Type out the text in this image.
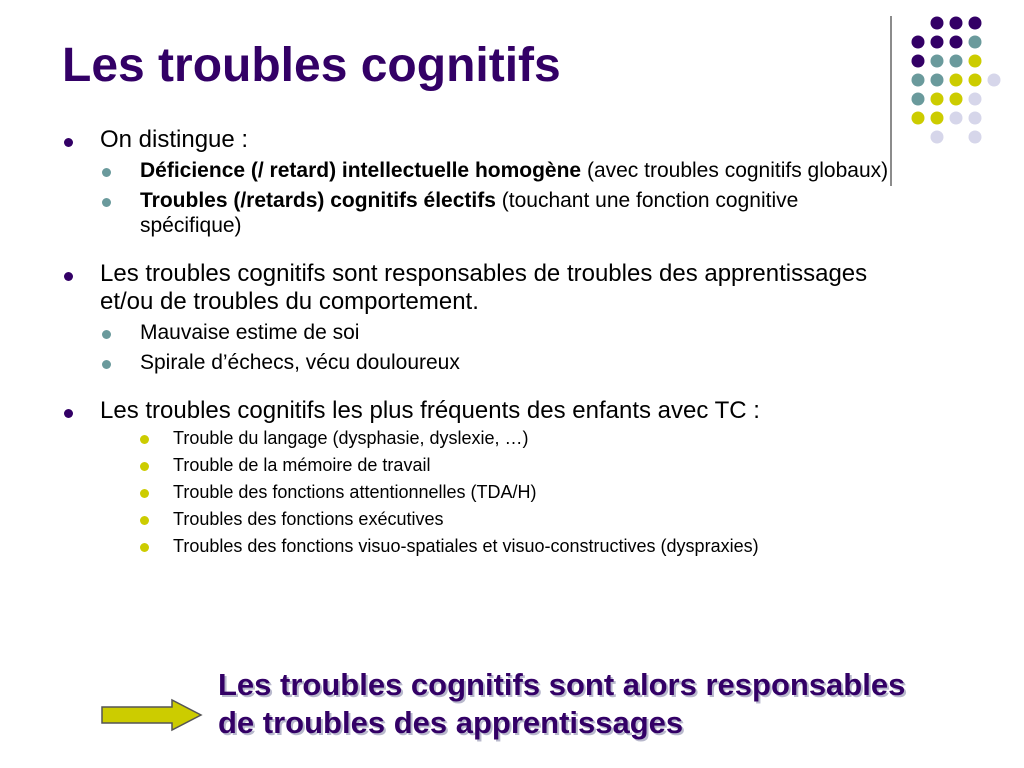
Les troubles cognitifs

On distingue :

Déficience (/ retard) intellectuelle homogène (avec troubles cognitifs globaux)

Troubles (/retards) cognitifs électifs (touchant une fonction cognitive spécifique)

Les troubles cognitifs sont responsables de troubles des apprentissages et/ou de troubles du comportement.

Mauvaise estime de soi

Spirale d’échecs, vécu douloureux

Les troubles cognitifs les plus fréquents des enfants avec TC :

Trouble du langage (dysphasie, dyslexie, …)

Trouble de la mémoire de travail

Trouble des fonctions attentionnelles (TDA/H)

Troubles des fonctions exécutives

Troubles des fonctions visuo-spatiales et visuo-constructives (dyspraxies)

Les troubles cognitifs sont alors responsables
de troubles des apprentissages
